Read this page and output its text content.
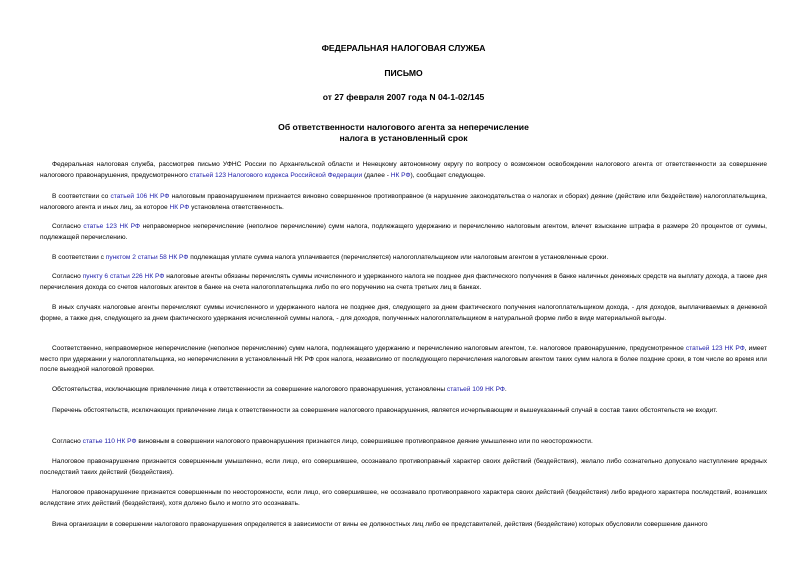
ФЕДЕРАЛЬНАЯ НАЛОГОВАЯ СЛУЖБА
ПИСЬМО
от 27 февраля 2007 года N 04-1-02/145
Об ответственности налогового агента за неперечисление
налога в установленный срок
Федеральная налоговая служба, рассмотрев письмо УФНС России по Архангельской области и Ненецкому автономному округу по вопросу о возможном освобождении налогового агента от ответственности за совершение налогового правонарушения, предусмотренного статьей 123 Налогового кодекса Российской Федерации (далее - НК РФ), сообщает следующее.
В соответствии со статьей 106 НК РФ налоговым правонарушением признается виновно совершенное противоправное (в нарушение законодательства о налогах и сборах) деяние (действие или бездействие) налогоплательщика, налогового агента и иных лиц, за которое НК РФ установлена ответственность.
Согласно статье 123 НК РФ неправомерное неперечисление (неполное перечисление) сумм налога, подлежащего удержанию и перечислению налоговым агентом, влечет взыскание штрафа в размере 20 процентов от суммы, подлежащей перечислению.
В соответствии с пунктом 2 статьи 58 НК РФ подлежащая уплате сумма налога уплачивается (перечисляется) налогоплательщиком или налоговым агентом в установленные сроки.
Согласно пункту 6 статьи 226 НК РФ налоговые агенты обязаны перечислять суммы исчисленного и удержанного налога не позднее дня фактического получения в банке наличных денежных средств на выплату дохода, а также дня перечисления дохода со счетов налоговых агентов в банке на счета налогоплательщика либо по его поручению на счета третьих лиц в банках.
В иных случаях налоговые агенты перечисляют суммы исчисленного и удержанного налога не позднее дня, следующего за днем фактического получения налогоплательщиком дохода, - для доходов, выплачиваемых в денежной форме, а также дня, следующего за днем фактического удержания исчисленной суммы налога, - для доходов, полученных налогоплательщиком в натуральной форме либо в виде материальной выгоды.
Соответственно, неправомерное неперечисление (неполное перечисление) сумм налога, подлежащего удержанию и перечислению налоговым агентом, т.е. налоговое правонарушение, предусмотренное статьей 123 НК РФ, имеет место при удержании у налогоплательщика, но неперечислении в установленный НК РФ срок налога, независимо от последующего перечисления налоговым агентом таких сумм налога в более поздние сроки, в том числе во время или после выездной налоговой проверки.
Обстоятельства, исключающие привлечение лица к ответственности за совершение налогового правонарушения, установлены статьей 109 НК РФ.
Перечень обстоятельств, исключающих привлечение лица к ответственности за совершение налогового правонарушения, является исчерпывающим и вышеуказанный случай в состав таких обстоятельств не входит.
Согласно статье 110 НК РФ виновным в совершении налогового правонарушения признается лицо, совершившее противоправное деяние умышленно или по неосторожности.
Налоговое правонарушение признается совершенным умышленно, если лицо, его совершившее, осознавало противоправный характер своих действий (бездействия), желало либо сознательно допускало наступление вредных последствий таких действий (бездействия).
Налоговое правонарушение признается совершенным по неосторожности, если лицо, его совершившее, не осознавало противоправного характера своих действий (бездействия) либо вредного характера последствий, возникших вследствие этих действий (бездействия), хотя должно было и могло это осознавать.
Вина организации в совершении налогового правонарушения определяется в зависимости от вины ее должностных лиц либо ее представителей, действия (бездействие) которых обусловили совершение данного
